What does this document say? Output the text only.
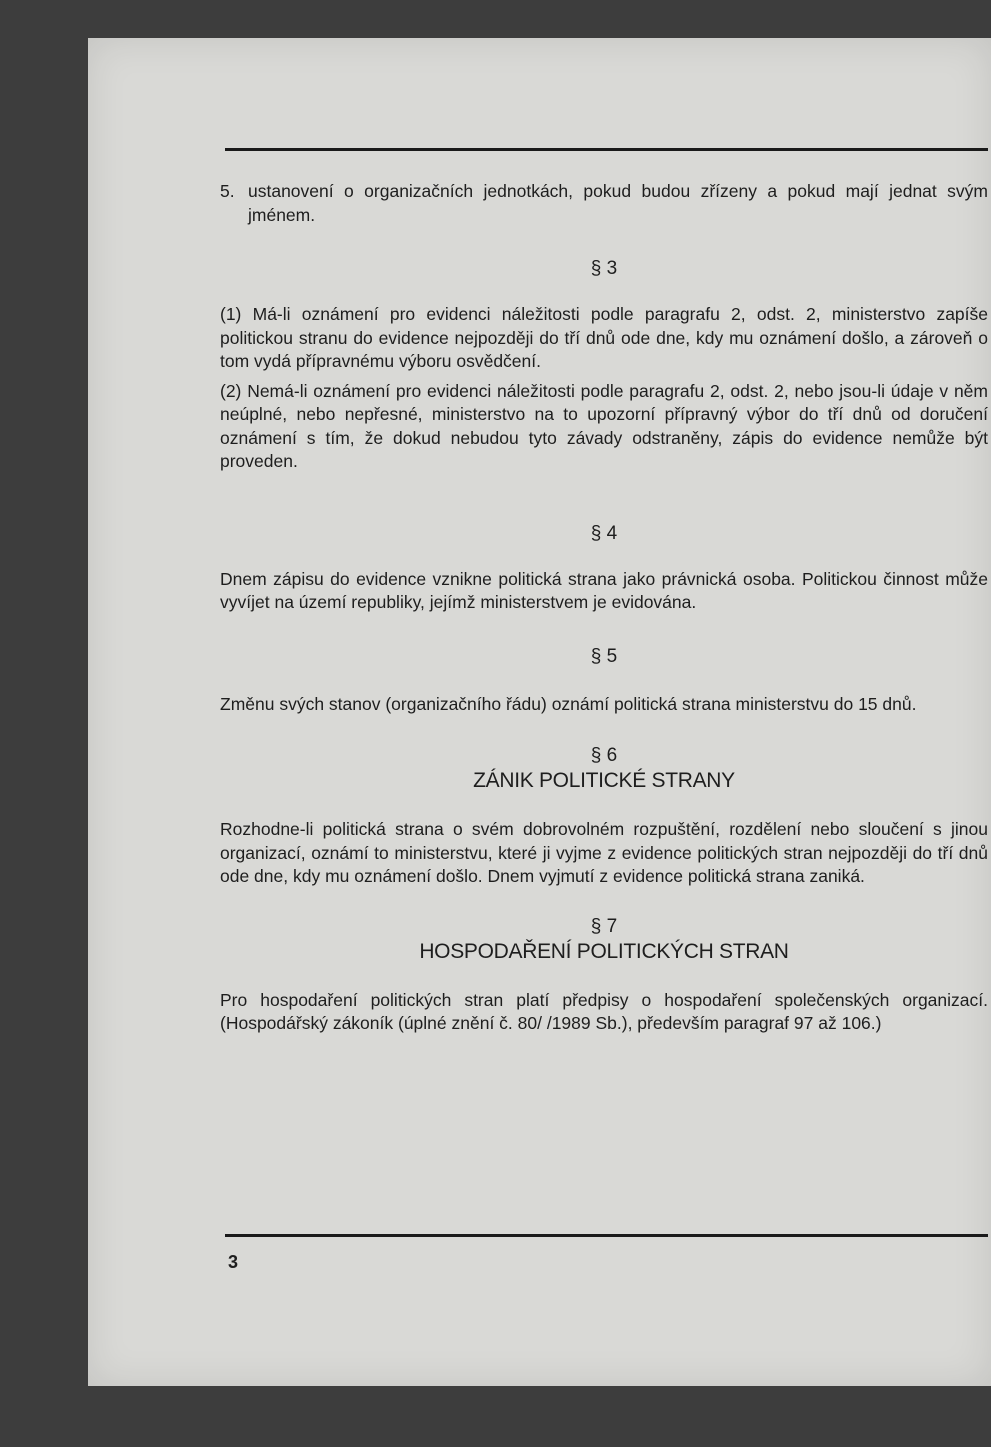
5. ustanovení o organizačních jednotkách, pokud budou zřízeny a pokud mají jednat svým jménem.

§ 3

(1) Má-li oznámení pro evidenci náležitosti podle paragrafu 2, odst. 2, ministerstvo zapíše politickou stranu do evidence nejpozději do tří dnů ode dne, kdy mu oznámení došlo, a zároveň o tom vydá přípravnému výboru osvědčení.

(2) Nemá-li oznámení pro evidenci náležitosti podle paragrafu 2, odst. 2, nebo jsou-li údaje v něm neúplné, nebo nepřesné, ministerstvo na to upozorní přípravný výbor do tří dnů od doručení oznámení s tím, že dokud nebudou tyto závady odstraněny, zápis do evidence nemůže být proveden.

§ 4

Dnem zápisu do evidence vznikne politická strana jako právnická osoba. Politickou činnost může vyvíjet na území republiky, jejímž ministerstvem je evidována.

§ 5

Změnu svých stanov (organizačního řádu) oznámí politická strana ministerstvu do 15 dnů.

§ 6

ZÁNIK POLITICKÉ STRANY

Rozhodne-li politická strana o svém dobrovolném rozpuštění, rozdělení nebo sloučení s jinou organizací, oznámí to ministerstvu, které ji vyjme z evidence politických stran nejpozději do tří dnů ode dne, kdy mu oznámení došlo. Dnem vyjmutí z evidence politická strana zaniká.

§ 7

HOSPODAŘENÍ POLITICKÝCH STRAN

Pro hospodaření politických stran platí předpisy o hospodaření společenských organizací. (Hospodářský zákoník (úplné znění č. 80/ /1989 Sb.), především paragraf 97 až 106.)

3
